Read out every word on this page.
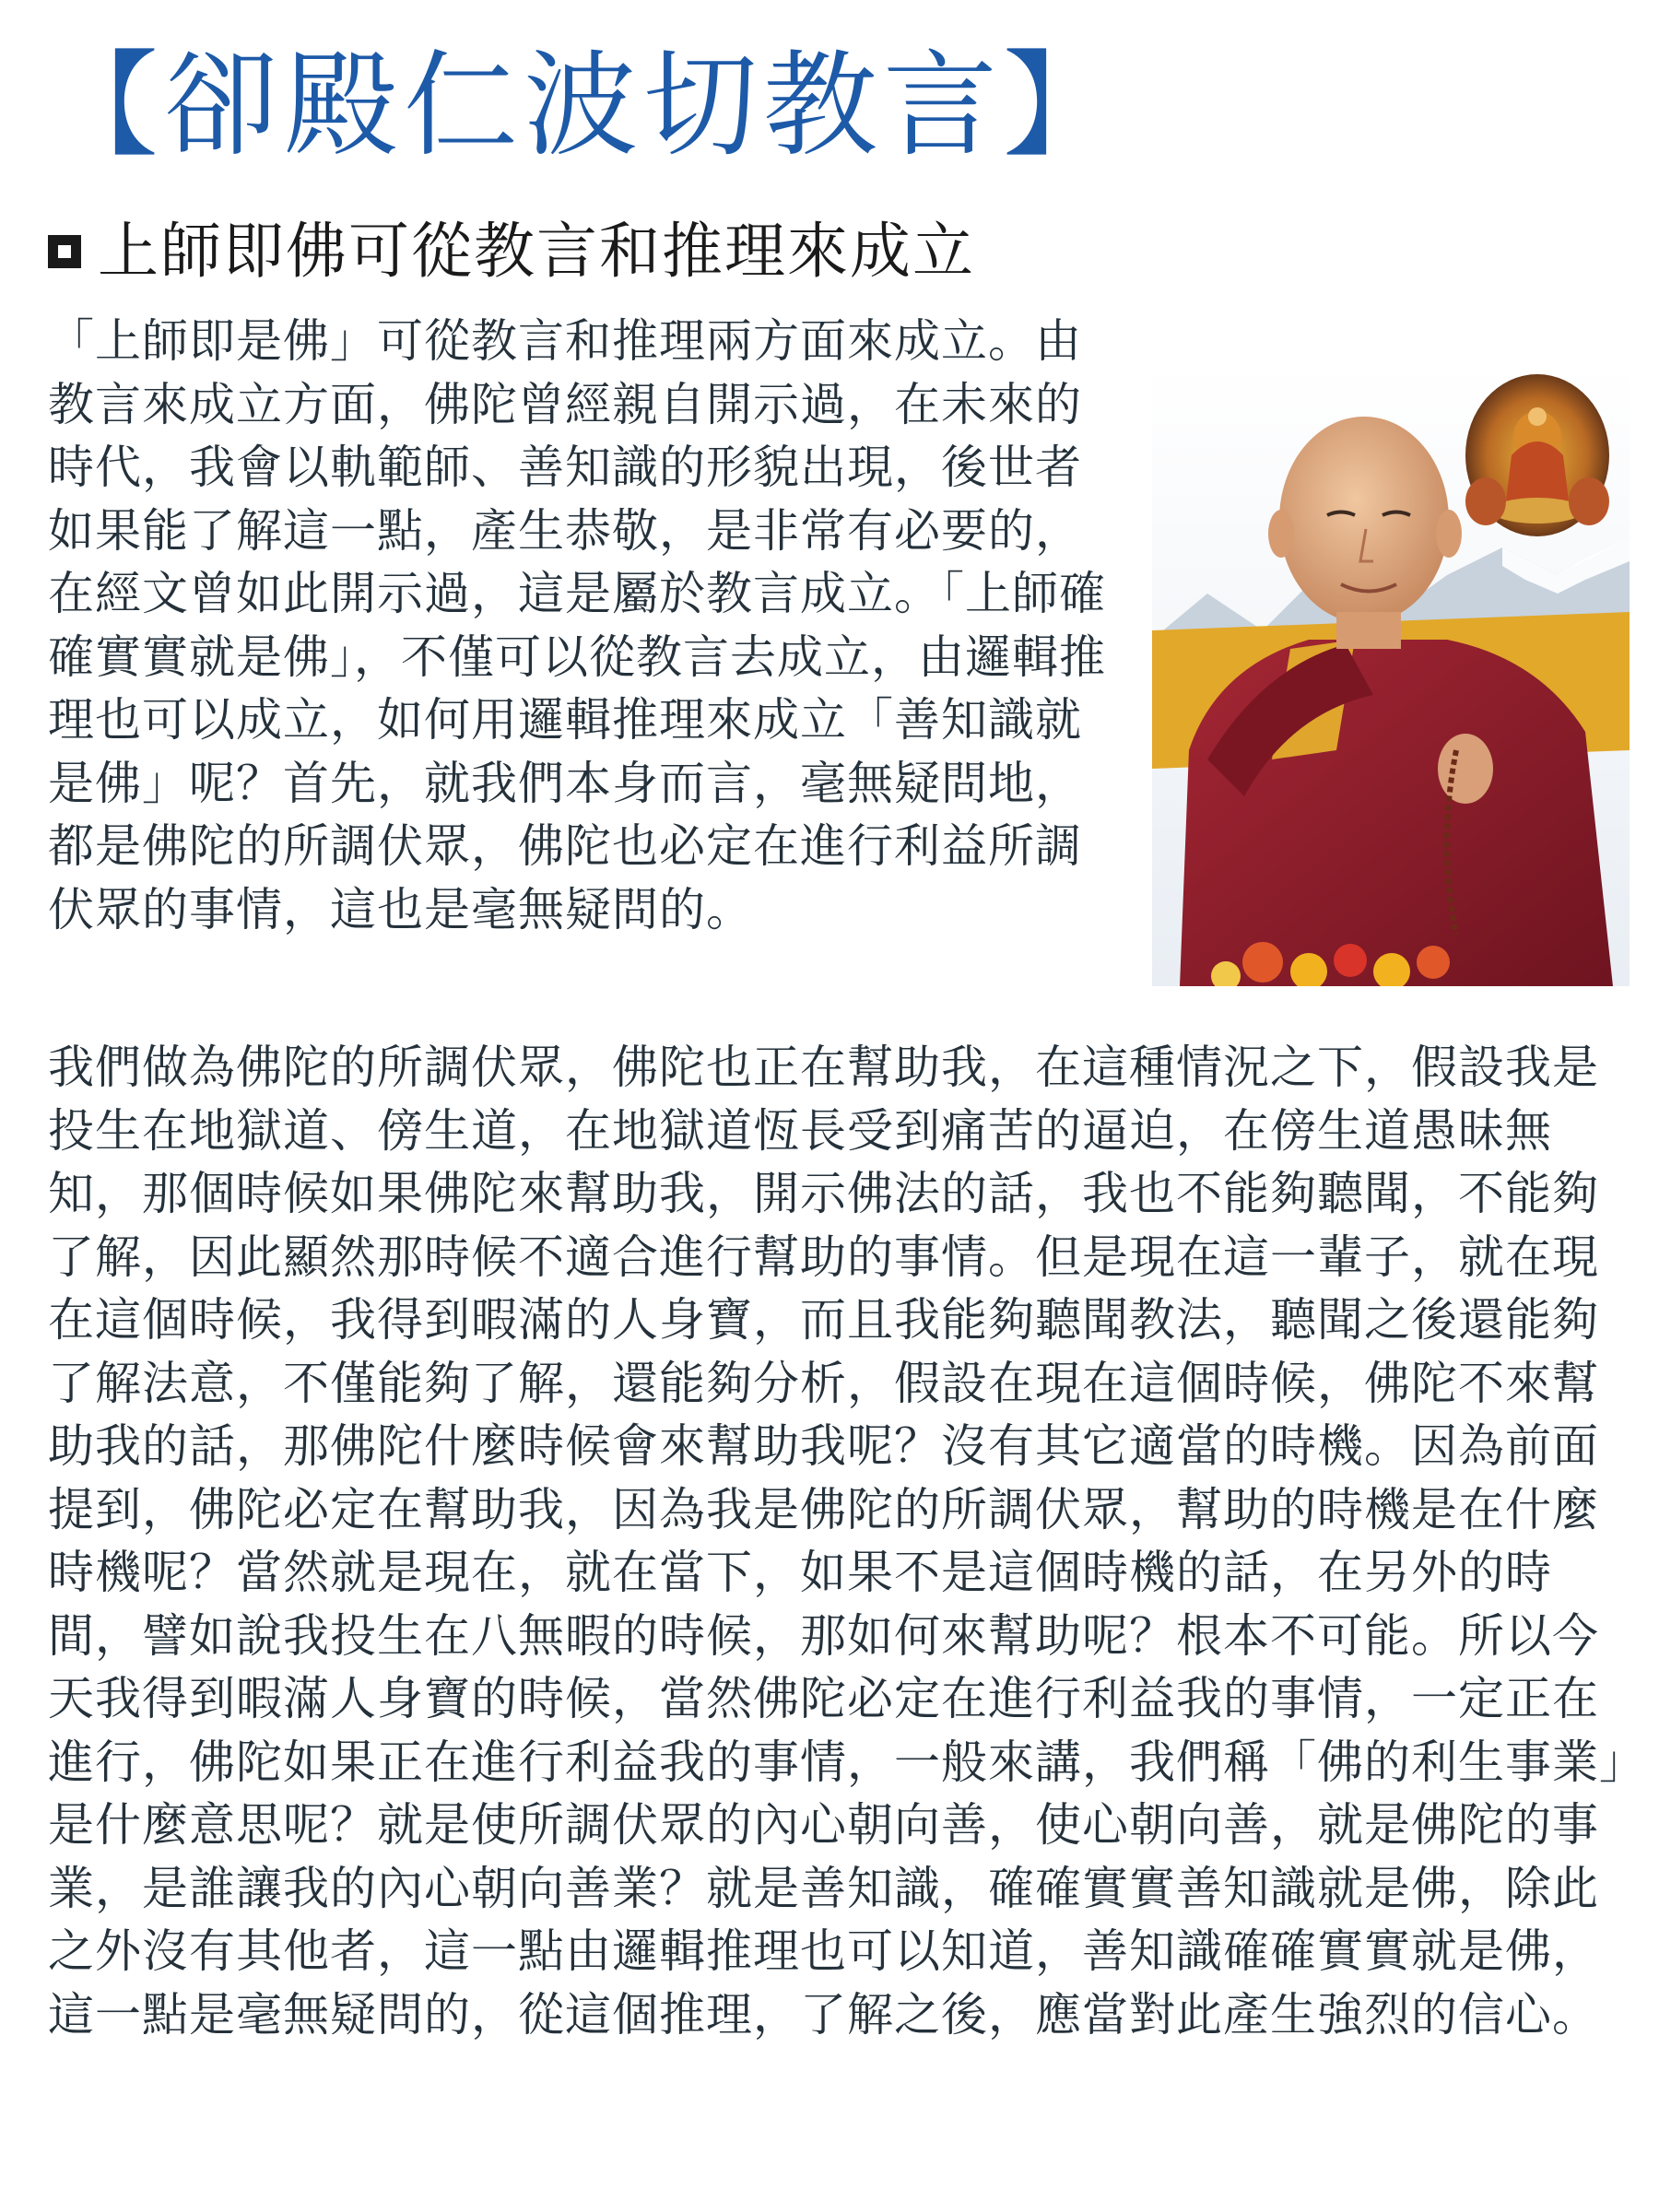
【卻殿仁波切教言】
上師即佛可從教言和推理來成立

「上師即是佛」可從教言和推理兩方面來成立。由教言來成立方面，佛陀曾經親自開示過，在未來的時代，我會以軌範師、善知識的形貌出現，後世者如果能了解這一點，產生恭敬，是非常有必要的，在經文曾如此開示過，這是屬於教言成立。「上師確確實實就是佛」，不僅可以從教言去成立，由邏輯推理也可以成立，如何用邏輯推理來成立「善知識就是佛」呢？首先，就我們本身而言，毫無疑問地，都是佛陀的所調伏眾，佛陀也必定在進行利益所調伏眾的事情，這也是毫無疑問的。

我們做為佛陀的所調伏眾，佛陀也正在幫助我，在這種情況之下，假設我是投生在地獄道、傍生道，在地獄道恆長受到痛苦的逼迫，在傍生道愚昧無知，那個時候如果佛陀來幫助我，開示佛法的話，我也不能夠聽聞，不能夠了解，因此顯然那時候不適合進行幫助的事情。但是現在這一輩子，就在現在這個時候，我得到暇滿的人身寶，而且我能夠聽聞教法，聽聞之後還能夠了解法意，不僅能夠了解，還能夠分析，假設在現在這個時候，佛陀不來幫助我的話，那佛陀什麼時候會來幫助我呢？沒有其它適當的時機。因為前面提到，佛陀必定在幫助我，因為我是佛陀的所調伏眾，幫助的時機是在什麼時機呢？當然就是現在，就在當下，如果不是這個時機的話，在另外的時間，譬如說我投生在八無暇的時候，那如何來幫助呢？根本不可能。所以今天我得到暇滿人身寶的時候，當然佛陀必定在進行利益我的事情，一定正在進行，佛陀如果正在進行利益我的事情，一般來講，我們稱「佛的利生事業」是什麼意思呢？就是使所調伏眾的內心朝向善，使心朝向善，就是佛陀的事業，是誰讓我的內心朝向善業？就是善知識，確確實實善知識就是佛，除此之外沒有其他者，這一點由邏輯推理也可以知道，善知識確確實實就是佛，這一點是毫無疑問的，從這個推理，了解之後，應當對此產生強烈的信心。
